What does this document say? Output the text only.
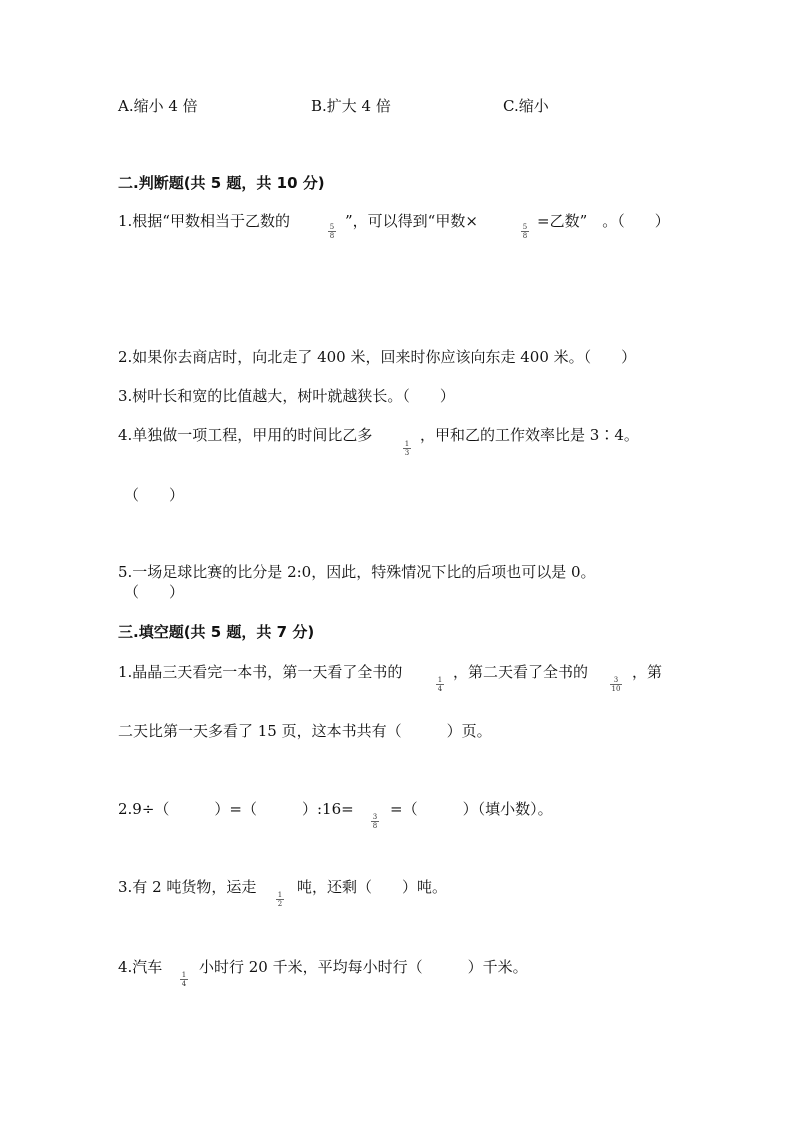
A.缩小 4 倍	B.扩大 4 倍	C.缩小
二.判断题(共 5 题，共 10 分)
1.根据“甲数相当于乙数的	5
8
”，可以得到“甲数×	5
8
=乙数”　。（　　）
2.如果你去商店时，向北走了 400 米，回来时你应该向东走 400 米。（　　）
3.树叶长和宽的比值越大，树叶就越狭长。（　　）
4.单独做一项工程，甲用的时间比乙多	1
3
，甲和乙的工作效率比是 3∶4。
（　　）
5.一场足球比赛的比分是 2:0，因此，特殊情况下比的后项也可以是 0。
（　　）
三.填空题(共 5 题，共 7 分)
1.晶晶三天看完一本书，第一天看了全书的	1
4
，第二天看了全书的	3
10
，第
二天比第一天多看了 15 页，这本书共有（　　　）页。
2.9÷（　　　）=（　　　）:16=	3
8
=（　　　）（填小数）。
3.有 2 吨货物，运走	1
2
吨，还剩（　　）吨。
4.汽车	1
4
小时行 20 千米，平均每小时行（　　　）千米。
